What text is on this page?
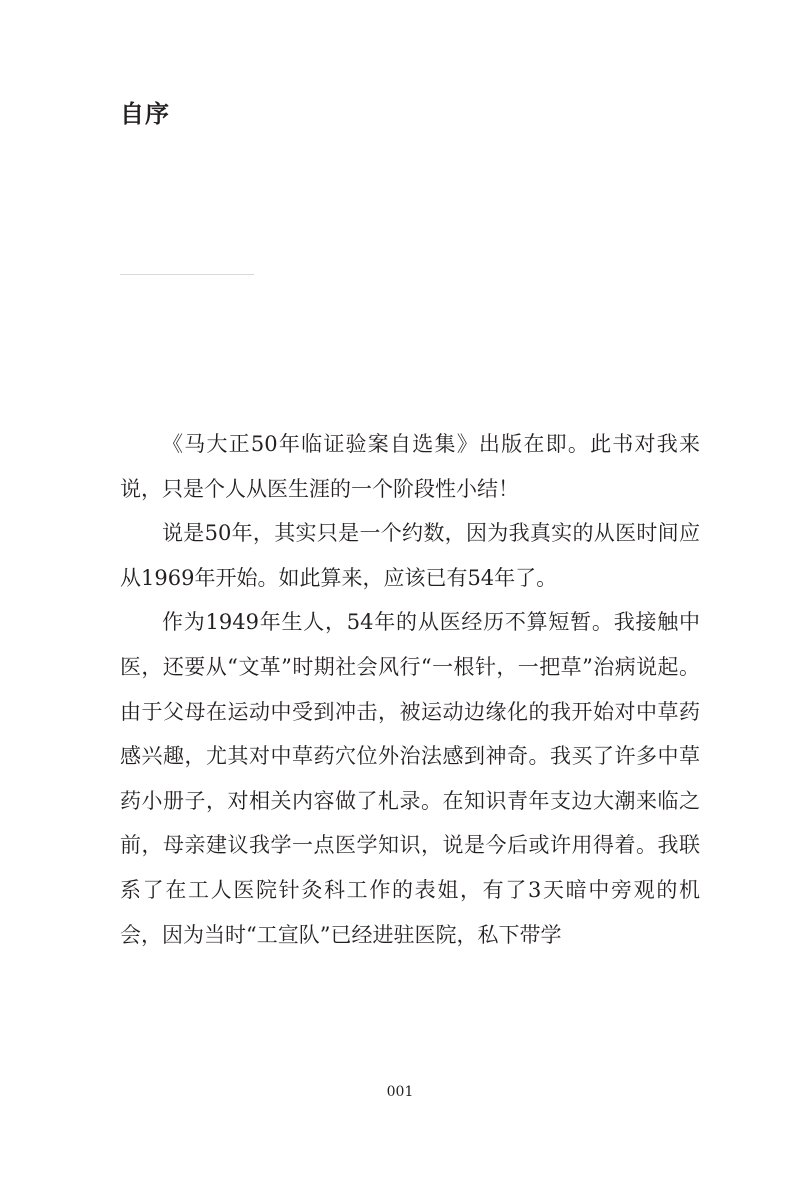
自序

《马大正50年临证验案自选集》出版在即。此书对我来说，只是个人从医生涯的一个阶段性小结！

说是50年，其实只是一个约数，因为我真实的从医时间应从1969年开始。如此算来，应该已有54年了。

作为1949年生人，54年的从医经历不算短暂。我接触中医，还要从“文革”时期社会风行“一根针，一把草”治病说起。由于父母在运动中受到冲击，被运动边缘化的我开始对中草药感兴趣，尤其对中草药穴位外治法感到神奇。我买了许多中草药小册子，对相关内容做了札录。在知识青年支边大潮来临之前，母亲建议我学一点医学知识，说是今后或许用得着。我联系了在工人医院针灸科工作的表姐，有了3天暗中旁观的机会，因为当时“工宣队”已经进驻医院，私下带学

001
